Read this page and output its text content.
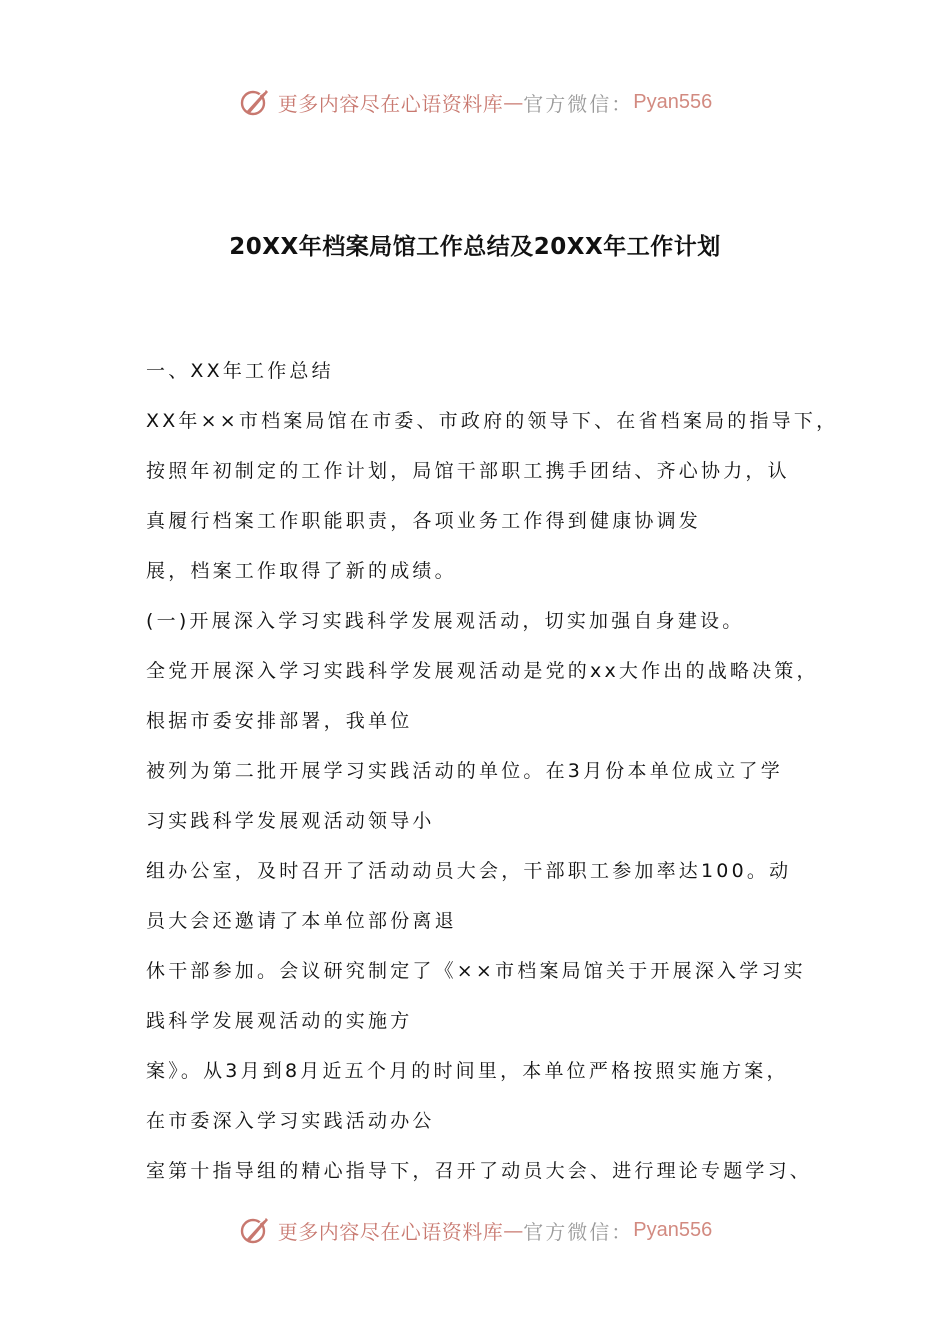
更多内容尽在心语资料库 — 官方微信： Pyan556
20XX年档案局馆工作总结及20XX年工作计划
一、XX年工作总结
XX年××市档案局馆在市委、市政府的领导下、在省档案局的指导下，
按照年初制定的工作计划，局馆干部职工携手团结、齐心协力，认
真履行档案工作职能职责，各项业务工作得到健康协调发
展，档案工作取得了新的成绩。
(一)开展深入学习实践科学发展观活动，切实加强自身建设。
全党开展深入学习实践科学发展观活动是党的xx大作出的战略决策，
根据市委安排部署，我单位
被列为第二批开展学习实践活动的单位。在3月份本单位成立了学
习实践科学发展观活动领导小
组办公室，及时召开了活动动员大会，干部职工参加率达100。动
员大会还邀请了本单位部份离退
休干部参加。会议研究制定了《××市档案局馆关于开展深入学习实
践科学发展观活动的实施方
案》。从3月到8月近五个月的时间里，本单位严格按照实施方案，
在市委深入学习实践活动办公
室第十指导组的精心指导下，召开了动员大会、进行理论专题学习、
更多内容尽在心语资料库 — 官方微信： Pyan556
